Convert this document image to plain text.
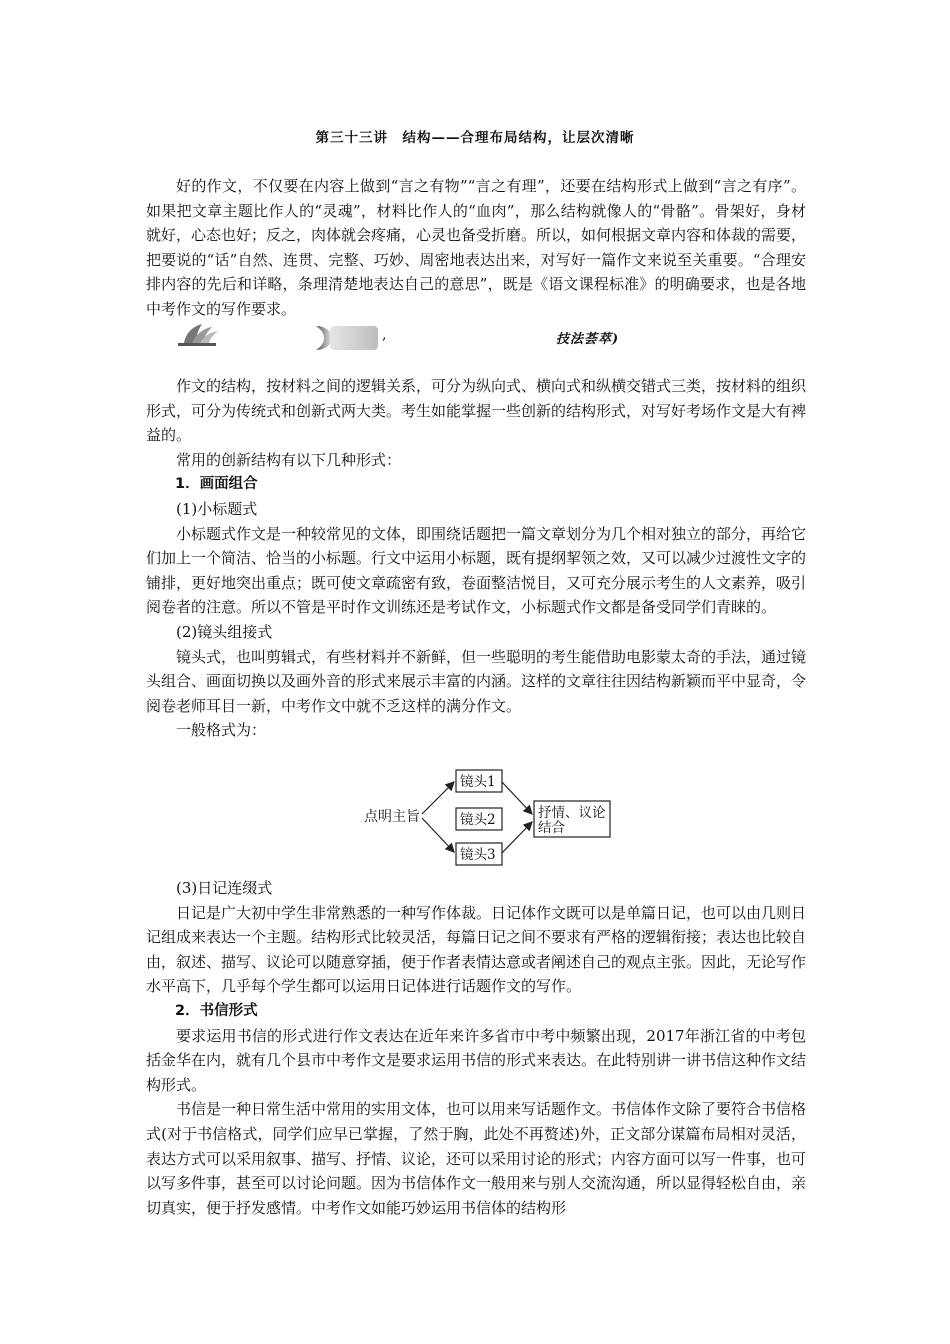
第三十三讲　结构——合理布局结构，让层次清晰

好的作文，不仅要在内容上做到“言之有物”“言之有理”，还要在结构形式上做到“言之有序”。如果把文章主题比作人的“灵魂”，材料比作人的“血肉”，那么结构就像人的“骨骼”。骨架好，身材就好，心态也好；反之，肉体就会疼痛，心灵也备受折磨。所以，如何根据文章内容和体裁的需要，把要说的“话”自然、连贯、完整、巧妙、周密地表达出来，对写好一篇作文来说至关重要。“合理安排内容的先后和详略，条理清楚地表达自己的意思”，既是《语文课程标准》的明确要求，也是各地中考作文的写作要求。

,	技法荟萃)

作文的结构，按材料之间的逻辑关系，可分为纵向式、横向式和纵横交错式三类，按材料的组织形式，可分为传统式和创新式两大类。考生如能掌握一些创新的结构形式，对写好考场作文是大有裨益的。

常用的创新结构有以下几种形式：

1．画面组合

(1)小标题式

小标题式作文是一种较常见的文体，即围绕话题把一篇文章划分为几个相对独立的部分，再给它们加上一个简洁、恰当的小标题。行文中运用小标题，既有提纲挈领之效，又可以减少过渡性文字的铺排，更好地突出重点；既可使文章疏密有致，卷面整洁悦目，又可充分展示考生的人文素养，吸引阅卷者的注意。所以不管是平时作文训练还是考试作文，小标题式作文都是备受同学们青睐的。

(2)镜头组接式

镜头式，也叫剪辑式，有些材料并不新鲜，但一些聪明的考生能借助电影蒙太奇的手法，通过镜头组合、画面切换以及画外音的形式来展示丰富的内涵。这样的文章往往因结构新颖而平中显奇，令阅卷老师耳目一新，中考作文中就不乏这样的满分作文。

一般格式为：

点明主旨
镜头1
镜头2
镜头3
抒情、议论
结合

(3)日记连缀式

日记是广大初中学生非常熟悉的一种写作体裁。日记体作文既可以是单篇日记，也可以由几则日记组成来表达一个主题。结构形式比较灵活，每篇日记之间不要求有严格的逻辑衔接；表达也比较自由，叙述、描写、议论可以随意穿插，便于作者表情达意或者阐述自己的观点主张。因此，无论写作水平高下，几乎每个学生都可以运用日记体进行话题作文的写作。

2．书信形式

要求运用书信的形式进行作文表达在近年来许多省市中考中频繁出现，2017年浙江省的中考包括金华在内，就有几个县市中考作文是要求运用书信的形式来表达。在此特别讲一讲书信这种作文结构形式。

书信是一种日常生活中常用的实用文体，也可以用来写话题作文。书信体作文除了要符合书信格式(对于书信格式，同学们应早已掌握，了然于胸，此处不再赘述)外，正文部分谋篇布局相对灵活，表达方式可以采用叙事、描写、抒情、议论，还可以采用讨论的形式；内容方面可以写一件事，也可以写多件事，甚至可以讨论问题。因为书信体作文一般用来与别人交流沟通，所以显得轻松自由，亲切真实，便于抒发感情。中考作文如能巧妙运用书信体的结构形
